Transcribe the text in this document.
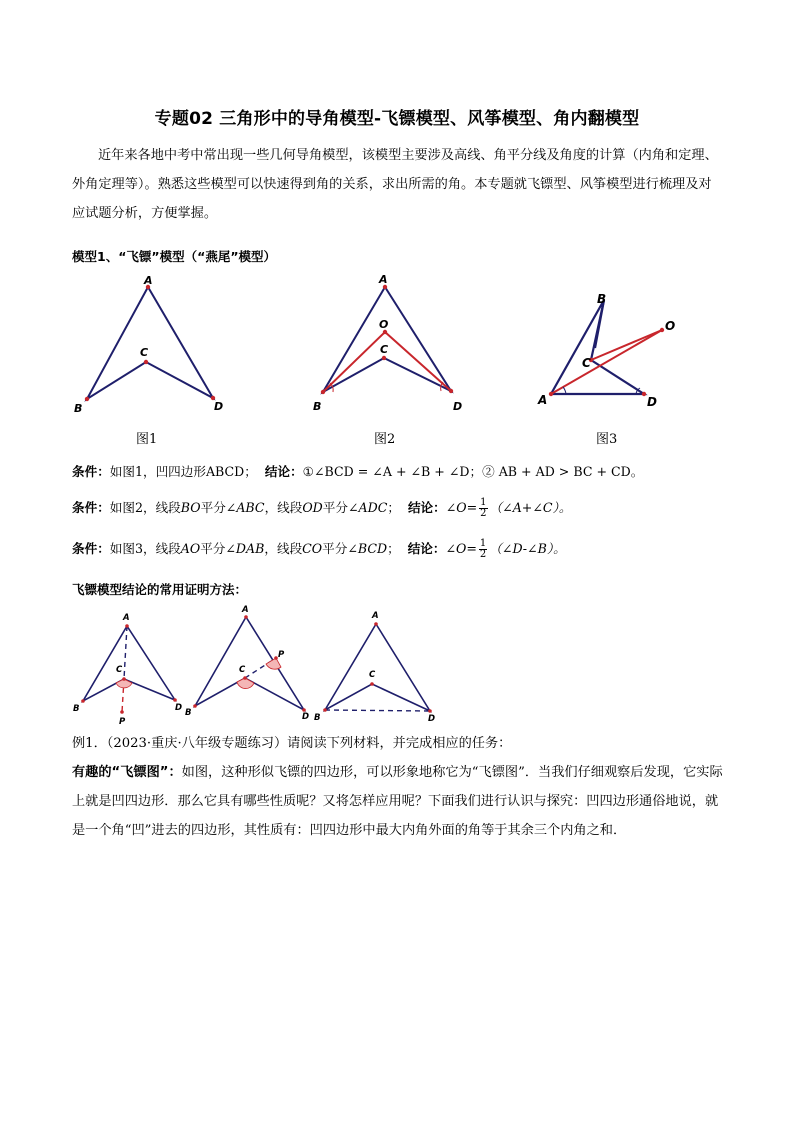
专题02 三角形中的导角模型-飞镖模型、风筝模型、角内翻模型
近年来各地中考中常出现一些几何导角模型，该模型主要涉及高线、角平分线及角度的计算（内角和定理、外角定理等）。熟悉这些模型可以快速得到角的关系，求出所需的角。本专题就飞镖型、风筝模型进行梳理及对应试题分析，方便掌握。
模型1、“飞镖”模型（“燕尾”模型）
A
B
C
D
A
B
C
D
O
B
O
C
A	D
A
B
C
D
P
A
B
C
D
P
A
B
C
D
图1	图2	图3
条件：如图1，凹四边形ABCD； 结论：①∠BCD = ∠A + ∠B + ∠D；② AB + AD > BC + CD。
条件：如图2，线段BO平分∠ABC，线段OD平分∠ADC； 结论：∠O= $\frac{1}{2}$ （∠A+∠C）。
条件：如图3，线段AO平分∠DAB，线段CO平分∠BCD； 结论：∠O= $\frac{1}{2}$ （∠D-∠B）。
飞镖模型结论的常用证明方法：
例1．（2023·重庆·八年级专题练习）请阅读下列材料，并完成相应的任务：
有趣的“飞镖图”：如图，这种形似飞镖的四边形，可以形象地称它为“飞镖图”．当我们仔细观察后发现，它实际上就是凹四边形．那么它具有哪些性质呢？又将怎样应用呢？下面我们进行认识与探究：凹四边形通俗地说，就是一个角“凹”进去的四边形，其性质有：凹四边形中最大内角外面的角等于其余三个内角之和．
